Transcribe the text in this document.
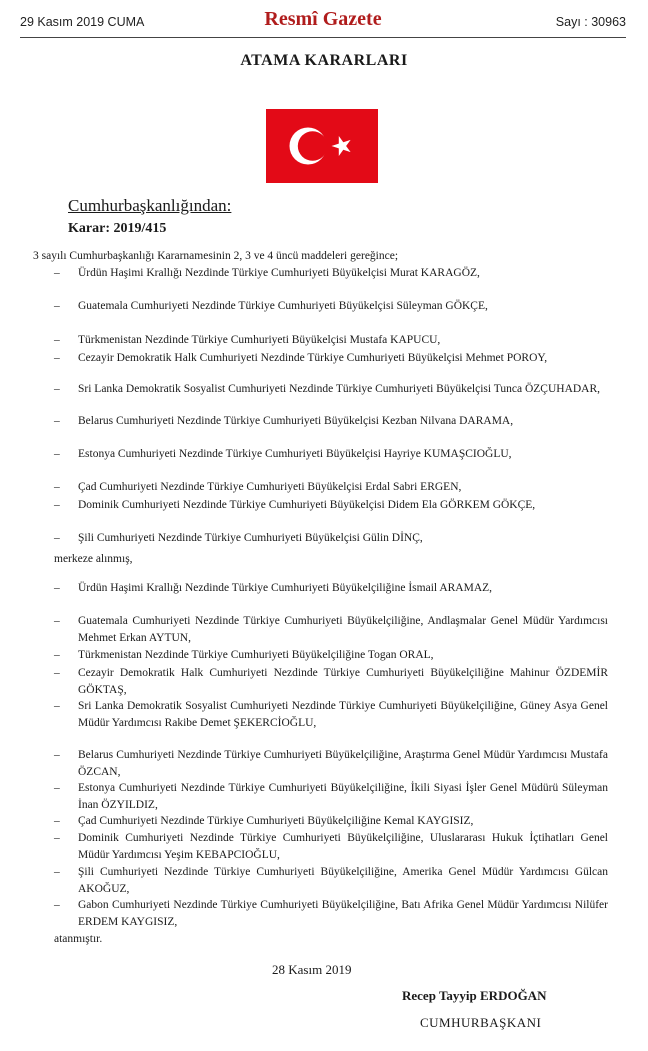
29 Kasım 2019 CUMA	Resmî Gazete	Sayı : 30963
ATAMA KARARLARI
Cumhurbaşkanlığından:
Karar: 2019/415
3 sayılı Cumhurbaşkanlığı Kararnamesinin 2, 3 ve 4 üncü maddeleri gereğince;
– Ürdün Haşimi Krallığı Nezdinde Türkiye Cumhuriyeti Büyükelçisi Murat KARAGÖZ,
– Guatemala Cumhuriyeti Nezdinde Türkiye Cumhuriyeti Büyükelçisi Süleyman GÖKÇE,
– Türkmenistan Nezdinde Türkiye Cumhuriyeti Büyükelçisi Mustafa KAPUCU,
– Cezayir Demokratik Halk Cumhuriyeti Nezdinde Türkiye Cumhuriyeti Büyükelçisi Mehmet POROY,
– Sri Lanka Demokratik Sosyalist Cumhuriyeti Nezdinde Türkiye Cumhuriyeti Büyükelçisi Tunca ÖZÇUHADAR,
– Belarus Cumhuriyeti Nezdinde Türkiye Cumhuriyeti Büyükelçisi Kezban Nilvana DARAMA,
– Estonya Cumhuriyeti Nezdinde Türkiye Cumhuriyeti Büyükelçisi Hayriye KUMAŞCIOĞLU,
– Çad Cumhuriyeti Nezdinde Türkiye Cumhuriyeti Büyükelçisi Erdal Sabri ERGEN,
– Dominik Cumhuriyeti Nezdinde Türkiye Cumhuriyeti Büyükelçisi Didem Ela GÖRKEM GÖKÇE,
– Şili Cumhuriyeti Nezdinde Türkiye Cumhuriyeti Büyükelçisi Gülin DİNÇ,
merkeze alınmış,
– Ürdün Haşimi Krallığı Nezdinde Türkiye Cumhuriyeti Büyükelçiliğine İsmail ARAMAZ,
– Guatemala Cumhuriyeti Nezdinde Türkiye Cumhuriyeti Büyükelçiliğine, Andlaşmalar Genel Müdür Yardımcısı Mehmet Erkan AYTUN,
– Türkmenistan Nezdinde Türkiye Cumhuriyeti Büyükelçiliğine Togan ORAL,
– Cezayir Demokratik Halk Cumhuriyeti Nezdinde Türkiye Cumhuriyeti Büyükelçiliğine Mahinur ÖZDEMİR GÖKTAŞ,
– Sri Lanka Demokratik Sosyalist Cumhuriyeti Nezdinde Türkiye Cumhuriyeti Büyükelçiliğine, Güney Asya Genel Müdür Yardımcısı Rakibe Demet ŞEKERCİOĞLU,
– Belarus Cumhuriyeti Nezdinde Türkiye Cumhuriyeti Büyükelçiliğine, Araştırma Genel Müdür Yardımcısı Mustafa ÖZCAN,
– Estonya Cumhuriyeti Nezdinde Türkiye Cumhuriyeti Büyükelçiliğine, İkili Siyasi İşler Genel Müdürü Süleyman İnan ÖZYILDIZ,
– Çad Cumhuriyeti Nezdinde Türkiye Cumhuriyeti Büyükelçiliğine Kemal KAYGISIZ,
– Dominik Cumhuriyeti Nezdinde Türkiye Cumhuriyeti Büyükelçiliğine, Uluslararası Hukuk İçtihatları Genel Müdür Yardımcısı Yeşim KEBAPCIOĞLU,
– Şili Cumhuriyeti Nezdinde Türkiye Cumhuriyeti Büyükelçiliğine, Amerika Genel Müdür Yardımcısı Gülcan AKOĞUZ,
– Gabon Cumhuriyeti Nezdinde Türkiye Cumhuriyeti Büyükelçiliğine, Batı Afrika Genel Müdür Yardımcısı Nilüfer ERDEM KAYGISIZ,
atanmıştır.
28 Kasım 2019
Recep Tayyip ERDOĞAN
CUMHURBAŞKANI
